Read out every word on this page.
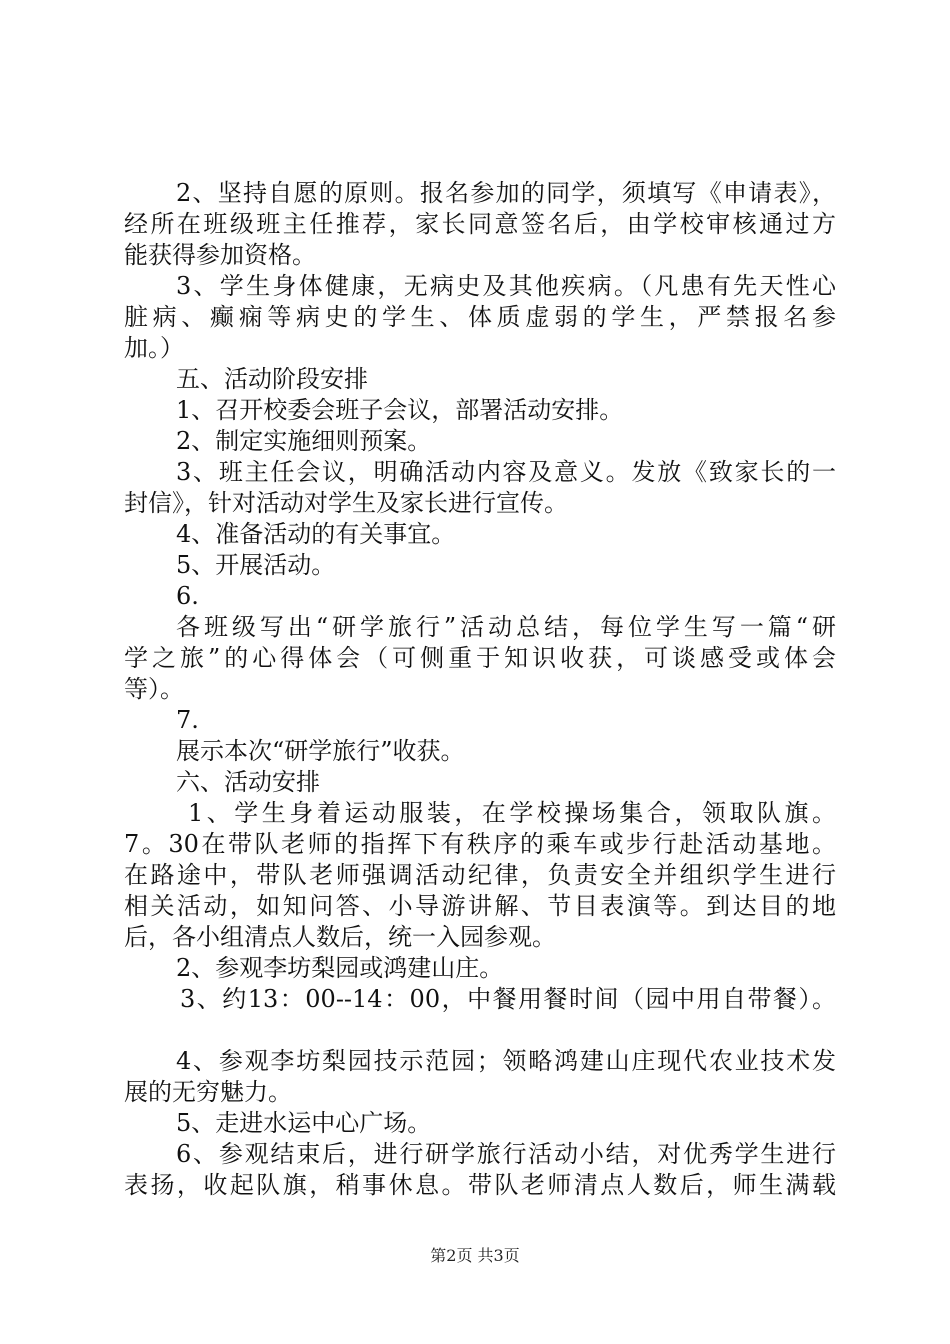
2、坚持自愿的原则。报名参加的同学，须填写《申请表》，
经所在班级班主任推荐，家长同意签名后，由学校审核通过方
能获得参加资格。
3、学生身体健康，无病史及其他疾病。（凡患有先天性心
脏病、癫痫等病史的学生、体质虚弱的学生，严禁报名参
加。）
五、活动阶段安排
1、召开校委会班子会议，部署活动安排。
2、制定实施细则预案。
3、班主任会议，明确活动内容及意义。发放《致家长的一
封信》，针对活动对学生及家长进行宣传。
4、准备活动的有关事宜。
5、开展活动。
6.
各班级写出“研学旅行”活动总结，每位学生写一篇“研
学之旅”的心得体会（可侧重于知识收获，可谈感受或体会
等）。
7.
展示本次“研学旅行”收获。
六、活动安排
1、学生身着运动服装，在学校操场集合，领取队旗。
7。30在带队老师的指挥下有秩序的乘车或步行赴活动基地。
在路途中，带队老师强调活动纪律，负责安全并组织学生进行
相关活动，如知问答、小导游讲解、节目表演等。到达目的地
后，各小组清点人数后，统一入园参观。
2、参观李坊梨园或鸿建山庄。
3、约13：00--14：00，中餐用餐时间（园中用自带餐）。
4、参观李坊梨园技示范园；领略鸿建山庄现代农业技术发
展的无穷魅力。
5、走进水运中心广场。
6、参观结束后，进行研学旅行活动小结，对优秀学生进行
表扬，收起队旗，稍事休息。带队老师清点人数后，师生满载
第2页 共3页
